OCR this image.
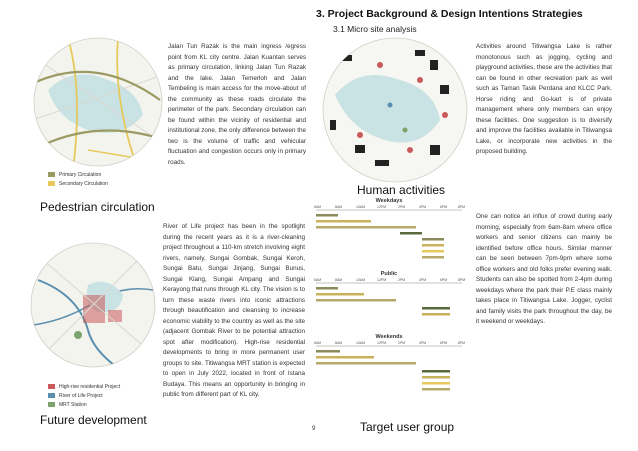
3. Project Background & Design Intentions Strategies
3.1 Micro site analysis
Primary Circulation
Secondary Circulation
Pedestrian circulation
Jalan Tun Razak is the main ingress /egress point from KL city centre. Jalan Kuantan serves as primary circulation, linking Jalan Tun Razak and the lake. Jalan Temerloh and Jalan Tembeling is main access for the move-about of the community as these roads circulate the perimeter of the park. Secondary circulation can be found within the vicinity of residential and institutional zone, the only difference between the two is the volume of traffic and vehicular fluctuation and congestion occurs only in primary roads.
Human activities
Activities around Titiwangsa Lake is rather monotonous such as jogging, cycling and playground activities, these are the activities that can be found in other recreation park as well such as Taman Tasik Perdana and KLCC Park. Horse riding and Go-kart is of private management where only members can enjoy these facilities. One suggestion is to diversify and improve the facilities available in Titiwangsa Lake, or incorporate new activities in the proposed building.
High-rise residential Project
River of Life Project
MRT Station
Future development
River of Life project has been in the spotlight during the recent years as it is a river-cleaning project throughout a 110-km stretch involving eight rivers, namely, Sungai Gombak, Sungai Keroh, Sungai Batu, Sungai Jinjang, Sungai Bunus, Sungai Klang, Sungai Ampang and Sungai Kerayong that runs through KL city. The vision is to turn these waste rivers into iconic attractions through beautification and cleansing to increase economic viability to the country as well as the site (adjacent Gombak River to be potential attraction spot after modification). High-rise residential developments to bring in more permanent user groups to site. Titiwangsa MRT station is expected to open in July 2022, located in front of Istana Budaya. This means an opportunity in bringing in public from different part of KL city.
Weekdays
6AM	8AM	10AM	12PM	2PM	4PM	6PM	8PM
Public
6AM	8AM	10AM	12PM	2PM	4PM	6PM	8PM
Weekends
6AM	8AM	10AM	12PM	2PM	4PM	6PM	8PM
Target user group
One can notice an influx of crowd during early morning, especially from 6am-8am where office workers and senior citizens can mainly be identified before office hours. Similar manner can be seen between 7pm-9pm where some office workers and old folks prefer evening walk. Students can also be spotted from 2-4pm during weekdays where the park their P.E class mainly takes place in Titiwangsa Lake. Jogger, cyclist and family visits the park throughout the day, be it weekend or weekdays.
9
